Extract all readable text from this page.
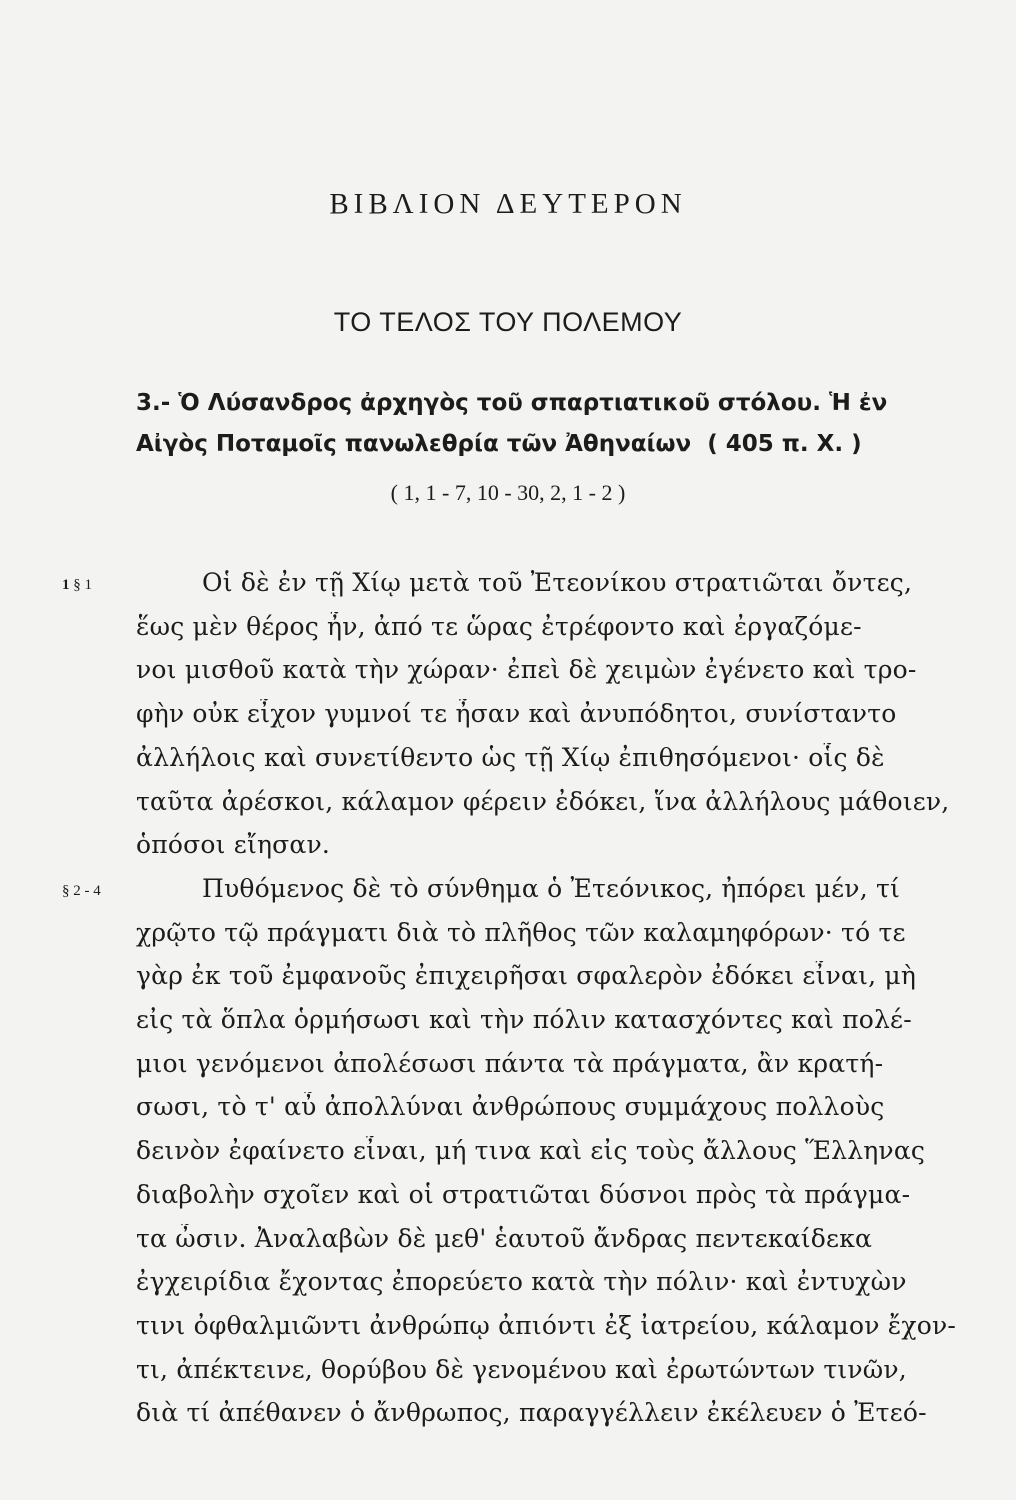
ΒΙΒΛΙΟΝ ΔΕΥΤΕΡΟΝ
ΤΟ ΤΕΛΟΣ ΤΟΥ ΠΟΛΕΜΟΥ
3.- Ὁ Λύσανδρος ἀρχηγὸς τοῦ σπαρτιατικοῦ στόλου. Ἡ ἐν
Αἰγὸς Ποταμοῖς πανωλεθρία τῶν Ἀθηναίων ( 405 π. Χ. )
( 1, 1 - 7, 10 - 30, 2, 1 - 2 )
1 § 1	Οἱ δὲ ἐν τῇ Χίῳ μετὰ τοῦ Ἐτεονίκου στρατιῶται ὄντες,
ἕως μὲν θέρος ἦν, ἀπό τε ὥρας ἐτρέφοντο καὶ ἐργαζόμε-
νοι μισθοῦ κατὰ τὴν χώραν· ἐπεὶ δὲ χειμὼν ἐγένετο καὶ τρο-
φὴν οὐκ εἶχον γυμνοί τε ἦσαν καὶ ἀνυπόδητοι, συνίσταντο
ἀλλήλοις καὶ συνετίθεντο ὡς τῇ Χίῳ ἐπιθησόμενοι· οἷς δὲ
ταῦτα ἀρέσκοι, κάλαμον φέρειν ἐδόκει, ἵνα ἀλλήλους μάθοιεν,
ὁπόσοι εἴησαν.
§ 2 - 4	Πυθόμενος δὲ τὸ σύνθημα ὁ Ἐτεόνικος, ἠπόρει μέν, τί
χρῷτο τῷ πράγματι διὰ τὸ πλῆθος τῶν καλαμηφόρων· τό τε
γὰρ ἐκ τοῦ ἐμφανοῦς ἐπιχειρῆσαι σφαλερὸν ἐδόκει εἶναι, μὴ
εἰς τὰ ὅπλα ὁρμήσωσι καὶ τὴν πόλιν κατασχόντες καὶ πολέ-
μιοι γενόμενοι ἀπολέσωσι πάντα τὰ πράγματα, ἂν κρατή-
σωσι, τὸ τ' αὖ ἀπολλύναι ἀνθρώπους συμμάχους πολλοὺς
δεινὸν ἐφαίνετο εἶναι, μή τινα καὶ εἰς τοὺς ἄλλους Ἕλληνας
διαβολὴν σχοῖεν καὶ οἱ στρατιῶται δύσνοι πρὸς τὰ πράγμα-
τα ὦσιν. Ἀναλαβὼν δὲ μεθ' ἑαυτοῦ ἄνδρας πεντεκαίδεκα
ἐγχειρίδια ἔχοντας ἐπορεύετο κατὰ τὴν πόλιν· καὶ ἐντυχὼν
τινι ὀφθαλμιῶντι ἀνθρώπῳ ἀπιόντι ἐξ ἰατρείου, κάλαμον ἔχον-
τι, ἀπέκτεινε, θορύβου δὲ γενομένου καὶ ἐρωτώντων τινῶν,
διὰ τί ἀπέθανεν ὁ ἄνθρωπος, παραγγέλλειν ἐκέλευεν ὁ Ἐτεό-
